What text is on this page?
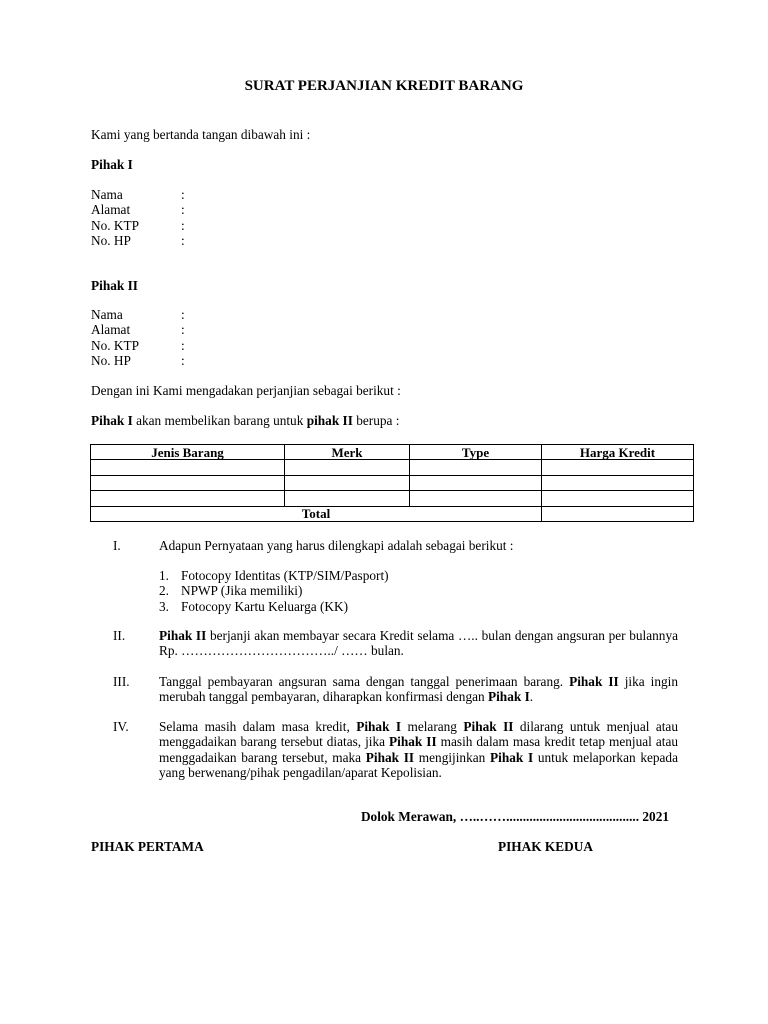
SURAT PERJANJIAN KREDIT BARANG
Kami yang bertanda tangan dibawah ini :
Pihak I
Nama	:
Alamat	:
No. KTP	:
No. HP	:
Pihak II
Nama	:
Alamat	:
No. KTP	:
No. HP	:
Dengan ini Kami mengadakan perjanjian sebagai berikut :
Pihak I akan membelikan barang untuk pihak II berupa :
Jenis Barang	Merk	Type	Harga Kredit

Total			
I.	Adapun Pernyataan yang harus dilengkapi adalah sebagai berikut :
1. Fotocopy Identitas (KTP/SIM/Pasport)
2. NPWP (Jika memiliki)
3. Fotocopy Kartu Keluarga (KK)
II.	Pihak II berjanji akan membayar secara Kredit selama ….. bulan dengan angsuran per bulannya Rp. ……………………………../ …… bulan.
III. Tanggal pembayaran angsuran sama dengan tanggal penerimaan barang. Pihak II jika ingin merubah tanggal pembayaran, diharapkan konfirmasi dengan Pihak I.
IV. Selama masih dalam masa kredit, Pihak I melarang Pihak II dilarang untuk menjual atau menggadaikan barang tersebut diatas, jika Pihak II masih dalam masa kredit tetap menjual atau menggadaikan barang tersebut, maka Pihak II mengijinkan Pihak I untuk melaporkan kepada yang berwenang/pihak pengadilan/aparat Kepolisian.
Dolok Merawan, …..……........................................ 2021
PIHAK PERTAMA	PIHAK KEDUA
